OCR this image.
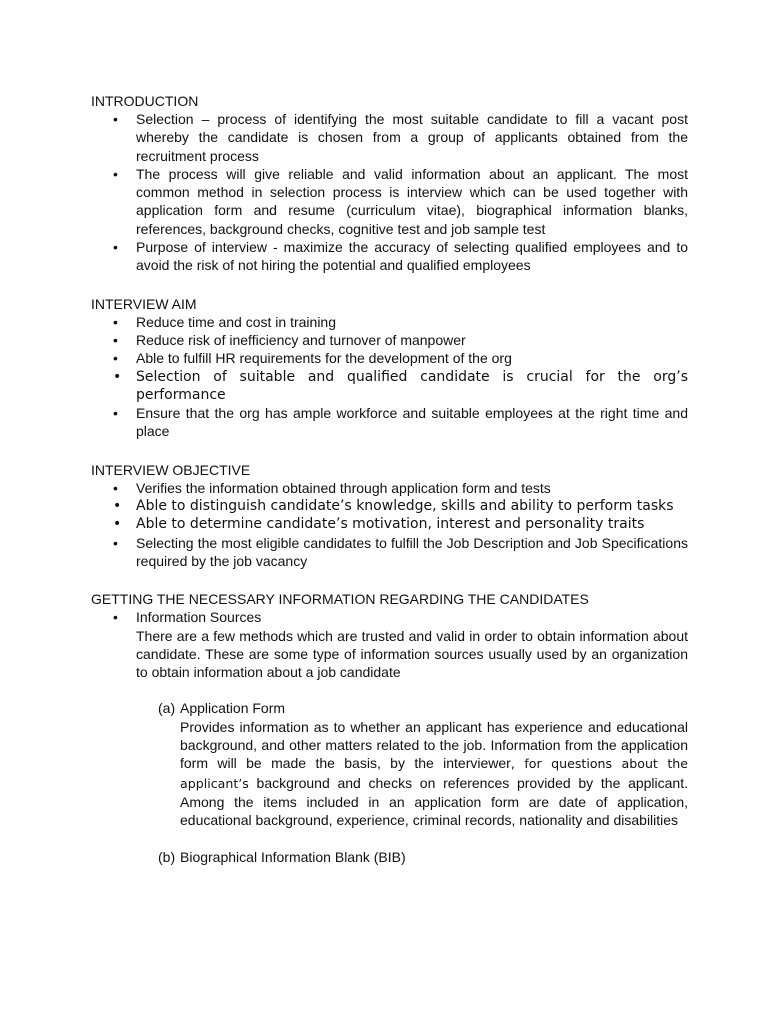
INTRODUCTION
• Selection – process of identifying the most suitable candidate to fill a vacant post whereby the candidate is chosen from a group of applicants obtained from the recruitment process
• The process will give reliable and valid information about an applicant. The most common method in selection process is interview which can be used together with application form and resume (curriculum vitae), biographical information blanks, references, background checks, cognitive test and job sample test
• Purpose of interview - maximize the accuracy of selecting qualified employees and to avoid the risk of not hiring the potential and qualified employees
INTERVIEW AIM
• Reduce time and cost in training
• Reduce risk of inefficiency and turnover of manpower
• Able to fulfill HR requirements for the development of the org
• Selection of suitable and qualified candidate is crucial for the org’s performance
• Ensure that the org has ample workforce and suitable employees at the right time and place
INTERVIEW OBJECTIVE
• Verifies the information obtained through application form and tests
• Able to distinguish candidate’s knowledge, skills and ability to perform tasks
• Able to determine candidate’s motivation, interest and personality traits
• Selecting the most eligible candidates to fulfill the Job Description and Job Specifications required by the job vacancy
GETTING THE NECESSARY INFORMATION REGARDING THE CANDIDATES
• Information Sources
There are a few methods which are trusted and valid in order to obtain information about candidate. These are some type of information sources usually used by an organization to obtain information about a job candidate
(a) Application Form
Provides information as to whether an applicant has experience and educational background, and other matters related to the job. Information from the application form will be made the basis, by the interviewer, for questions about the applicant’s background and checks on references provided by the applicant. Among the items included in an application form are date of application, educational background, experience, criminal records, nationality and disabilities
(b) Biographical Information Blank (BIB)
